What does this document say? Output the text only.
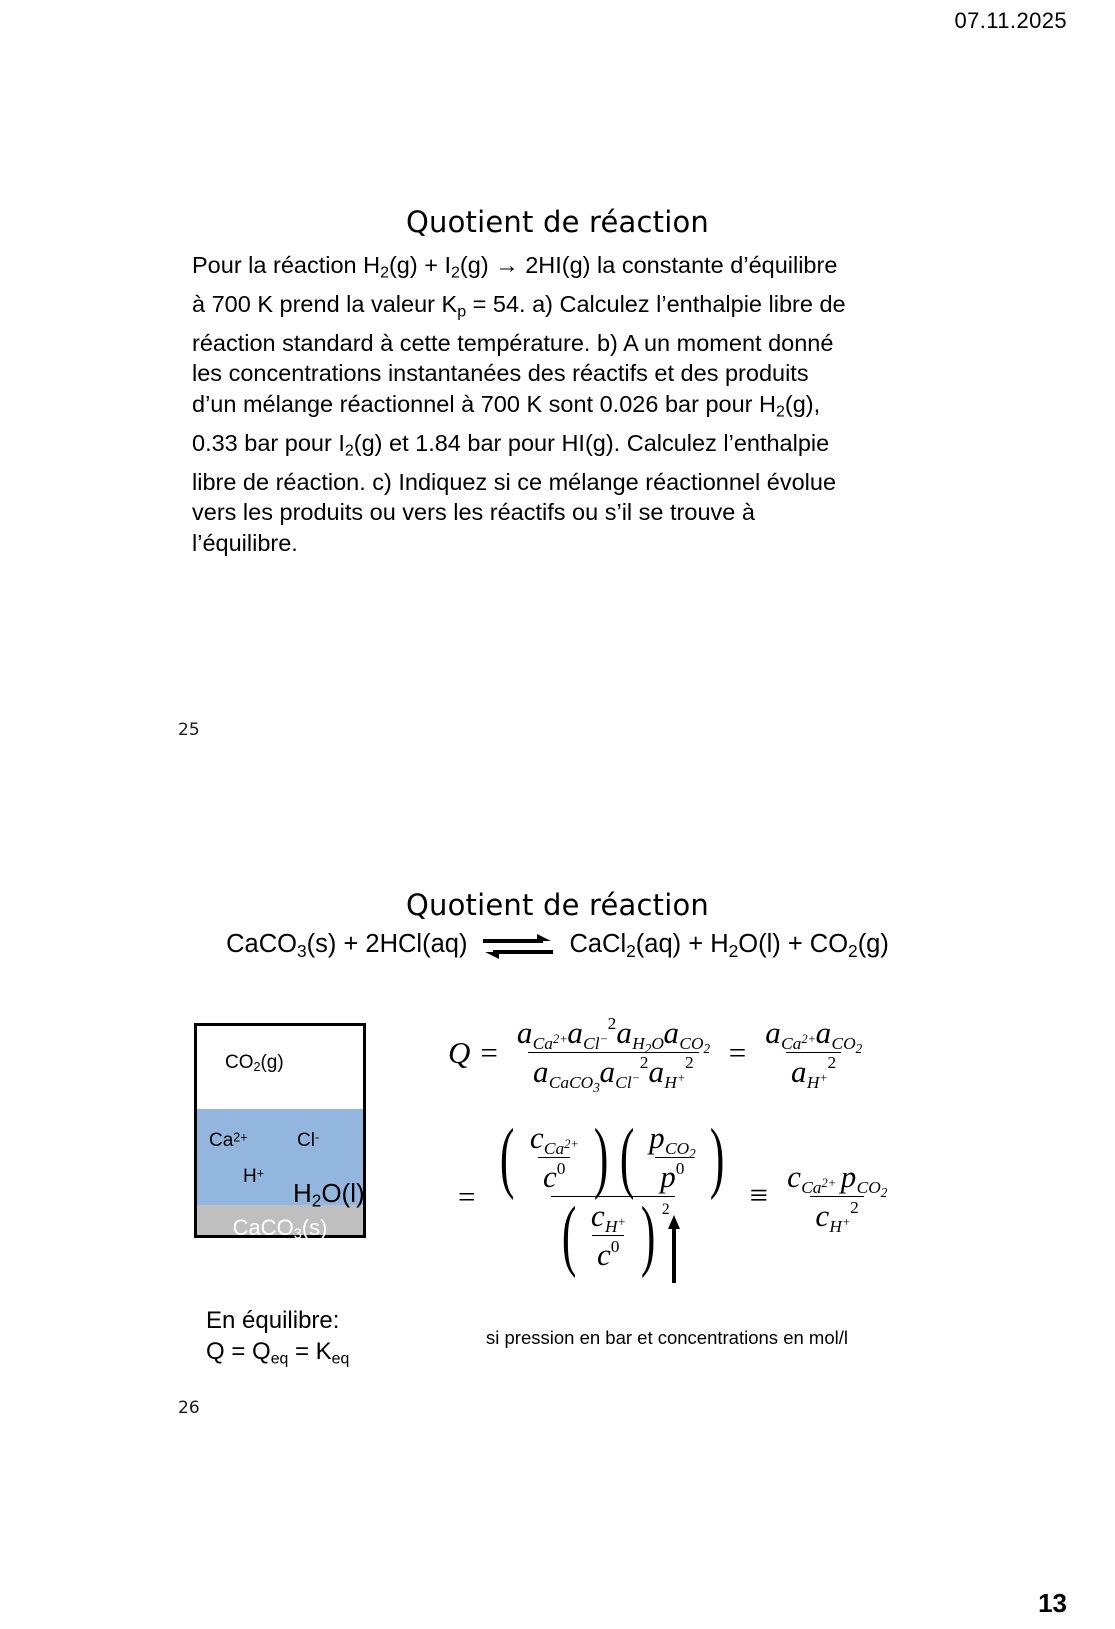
07.11.2025
Quotient de réaction
Pour la réaction $H_2(g) + I_2(g) \to 2HI(g)$ la constante d’équilibre
à 700 K prend la valeur $K_p = 54$. a) Calculez l’enthalpie libre de
réaction standard à cette température. b) A un moment donné
les concentrations instantanées des réactifs et des produits
d’un mélange réactionnel à 700 K sont 0.026 bar pour $H_2(g)$,
0.33 bar pour $I_2(g)$ et 1.84 bar pour HI(g). Calculez l’enthalpie
libre de réaction. c) Indiquez si ce mélange réactionnel évolue
vers les produits ou vers les réactifs ou s’il se trouve à
l’équilibre.
25
Quotient de réaction
CaCO$_3$(s) + 2HCl(aq) ⇌ CaCl$_2$(aq) + $H_2O(l) + CO_2(g)$
$CO_2(g)$
$Ca^{2+}$	Cl-
H+
$H_2O(l)$
CaCO$_3$(s)
En équilibre:
$Q = Q_{eq} = K_{eq}$
si pression en bar et concentrations en mol/l
26
$Q = \frac{aCa^{2+}aCl^-2aH_2OaCO_2}{aCaCO_3aCl^-2aH^+2} = \frac{aCa^{2+}aCO_2}{aH^+2}$
= ( $\frac{cCa^{2+}}{c0}$ ) ( $\frac{pCO_2}{p0}$ )
( $\frac{cH^+}{c0}$ ) $2 \equiv \frac{cCa^{2+} pCO_2}{cH^+2}$
13
